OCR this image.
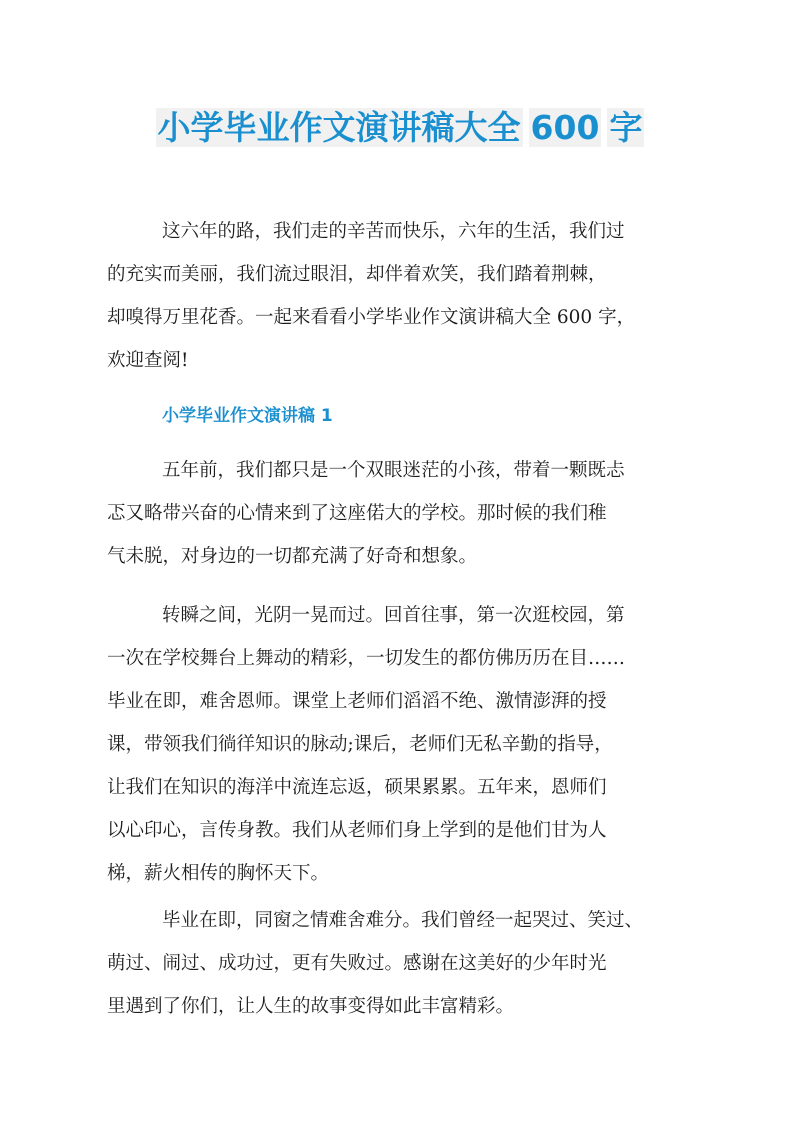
小学毕业作文演讲稿大全 600 字
这六年的路，我们走的辛苦而快乐，六年的生活，我们过
的充实而美丽，我们流过眼泪，却伴着欢笑，我们踏着荆棘，
却嗅得万里花香。一起来看看小学毕业作文演讲稿大全 600 字，
欢迎查阅!
小学毕业作文演讲稿 1
五年前，我们都只是一个双眼迷茫的小孩，带着一颗既忐
忑又略带兴奋的心情来到了这座偌大的学校。那时候的我们稚
气未脱，对身边的一切都充满了好奇和想象。
转瞬之间，光阴一晃而过。回首往事，第一次逛校园，第
一次在学校舞台上舞动的精彩，一切发生的都仿佛历历在目……
毕业在即，难舍恩师。课堂上老师们滔滔不绝、激情澎湃的授
课，带领我们徜徉知识的脉动;课后，老师们无私辛勤的指导，
让我们在知识的海洋中流连忘返，硕果累累。五年来，恩师们
以心印心，言传身教。我们从老师们身上学到的是他们甘为人
梯，薪火相传的胸怀天下。
毕业在即，同窗之情难舍难分。我们曾经一起哭过、笑过、
萌过、闹过、成功过，更有失败过。感谢在这美好的少年时光
里遇到了你们，让人生的故事变得如此丰富精彩。
